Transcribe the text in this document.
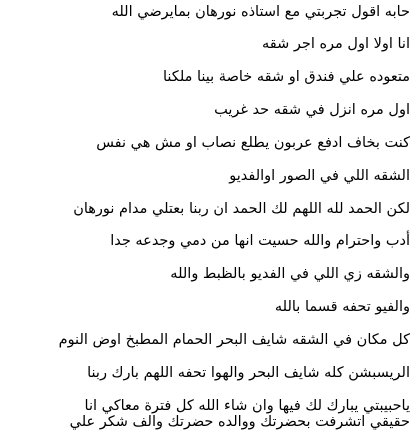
حابه اقول تجربتي مع استاذه نورهان بمايرضي الله
انا اولا اول مره اجر شقه
متعوده علي فندق او شقه خاصة بينا ملكنا
اول مره انزل في شقه حد غريب
كنت بخاف ادفع عربون يطلع نصاب او مش هي نفس
الشقه اللي في الصور اوالفديو
لكن الحمد لله اللهم لك الحمد ان ربنا بعتلي مدام نورهان
أدب واحترام والله حسيت انها من دمي وجدعه جدا
والشقه زي اللي في الفديو بالظبط والله
والفيو تحفه قسما بالله
كل مكان في الشقه شايف البحر الحمام المطبخ اوض النوم
الريسبشن كله شايف البحر والهوا تحفه اللهم بارك ربنا
ياحبيبتي يبارك لك فيها وان شاء الله كل فترة معاكي انا
حقيقي اتشرفت بحضرتك ووالده حضرتك والف شكر علي
